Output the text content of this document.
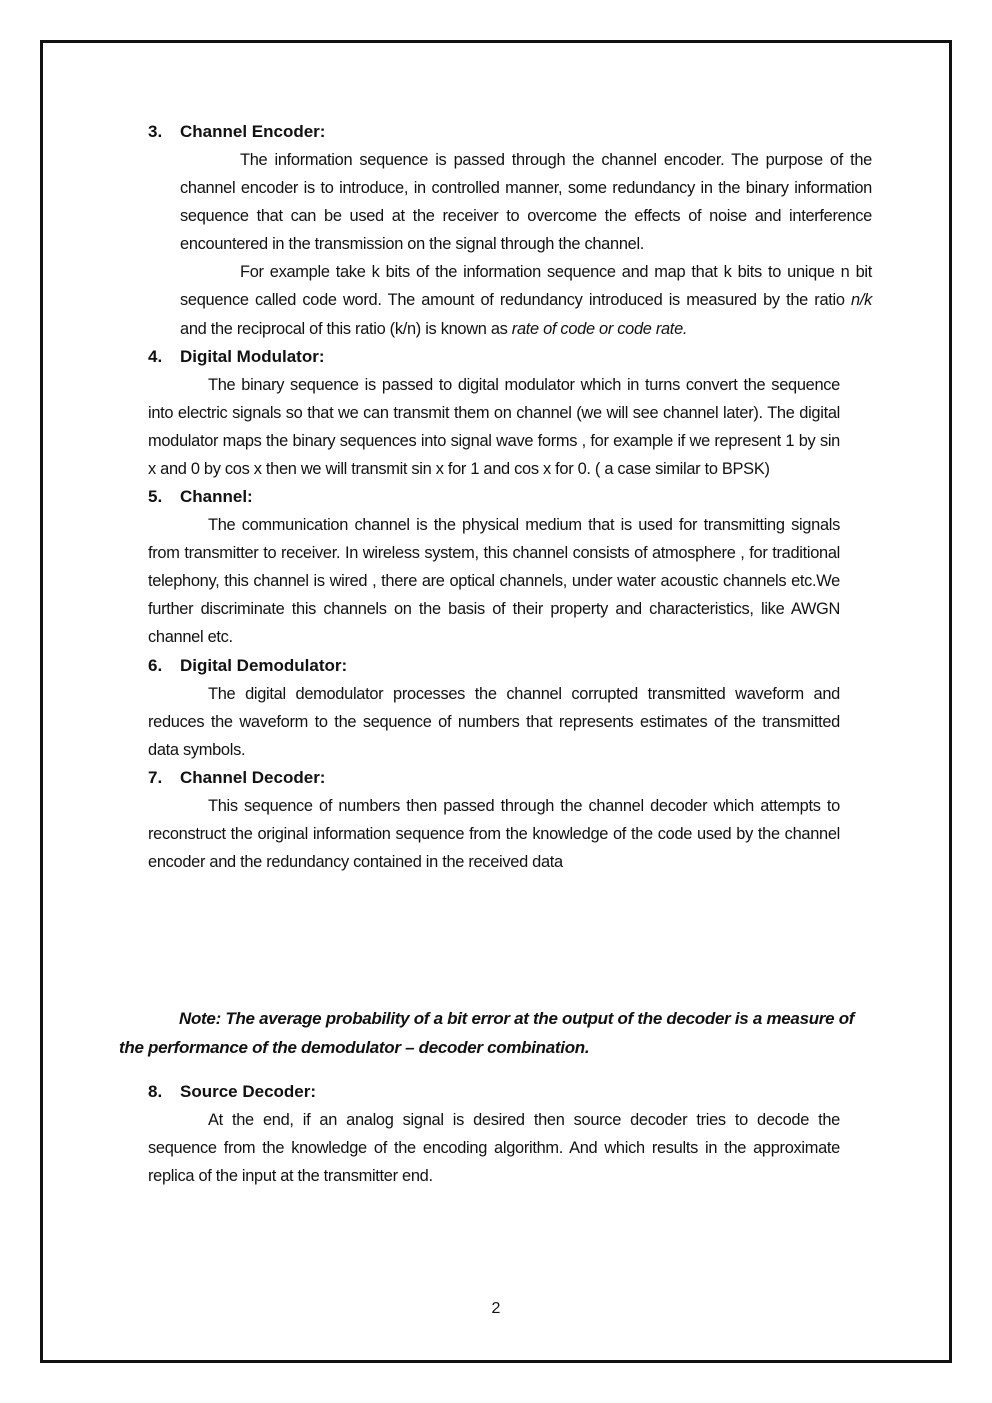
3. Channel Encoder:

The information sequence is passed through the channel encoder. The purpose of the channel encoder is to introduce, in controlled manner, some redundancy in the binary information sequence that can be used at the receiver to overcome the effects of noise and interference encountered in the transmission on the signal through the channel.

For example take k bits of the information sequence and map that k bits to unique n bit sequence called code word. The amount of redundancy introduced is measured by the ratio n/k and the reciprocal of this ratio (k/n) is known as rate of code or code rate.

4. Digital Modulator:

The binary sequence is passed to digital modulator which in turns convert the sequence into electric signals so that we can transmit them on channel (we will see channel later). The digital modulator maps the binary sequences into signal wave forms , for example if we represent 1 by sin x and 0 by cos x then we will transmit sin x for 1 and cos x for 0. ( a case similar to BPSK)

5. Channel:

The communication channel is the physical medium that is used for transmitting signals from transmitter to receiver. In wireless system, this channel consists of atmosphere , for traditional telephony, this channel is wired , there are optical channels, under water acoustic channels etc.We further discriminate this channels on the basis of their property and characteristics, like AWGN channel etc.

6. Digital Demodulator:

The digital demodulator processes the channel corrupted transmitted waveform and reduces the waveform to the sequence of numbers that represents estimates of the transmitted data symbols.

7. Channel Decoder:

This sequence of numbers then passed through the channel decoder which attempts to reconstruct the original information sequence from the knowledge of the code used by the channel encoder and the redundancy contained in the received data

Note: The average probability of a bit error at the output of the decoder is a measure of the performance of the demodulator – decoder combination.
8. Source Decoder:

At the end, if an analog signal is desired then source decoder tries to decode the sequence from the knowledge of the encoding algorithm. And which results in the approximate replica of the input at the transmitter end.

2
